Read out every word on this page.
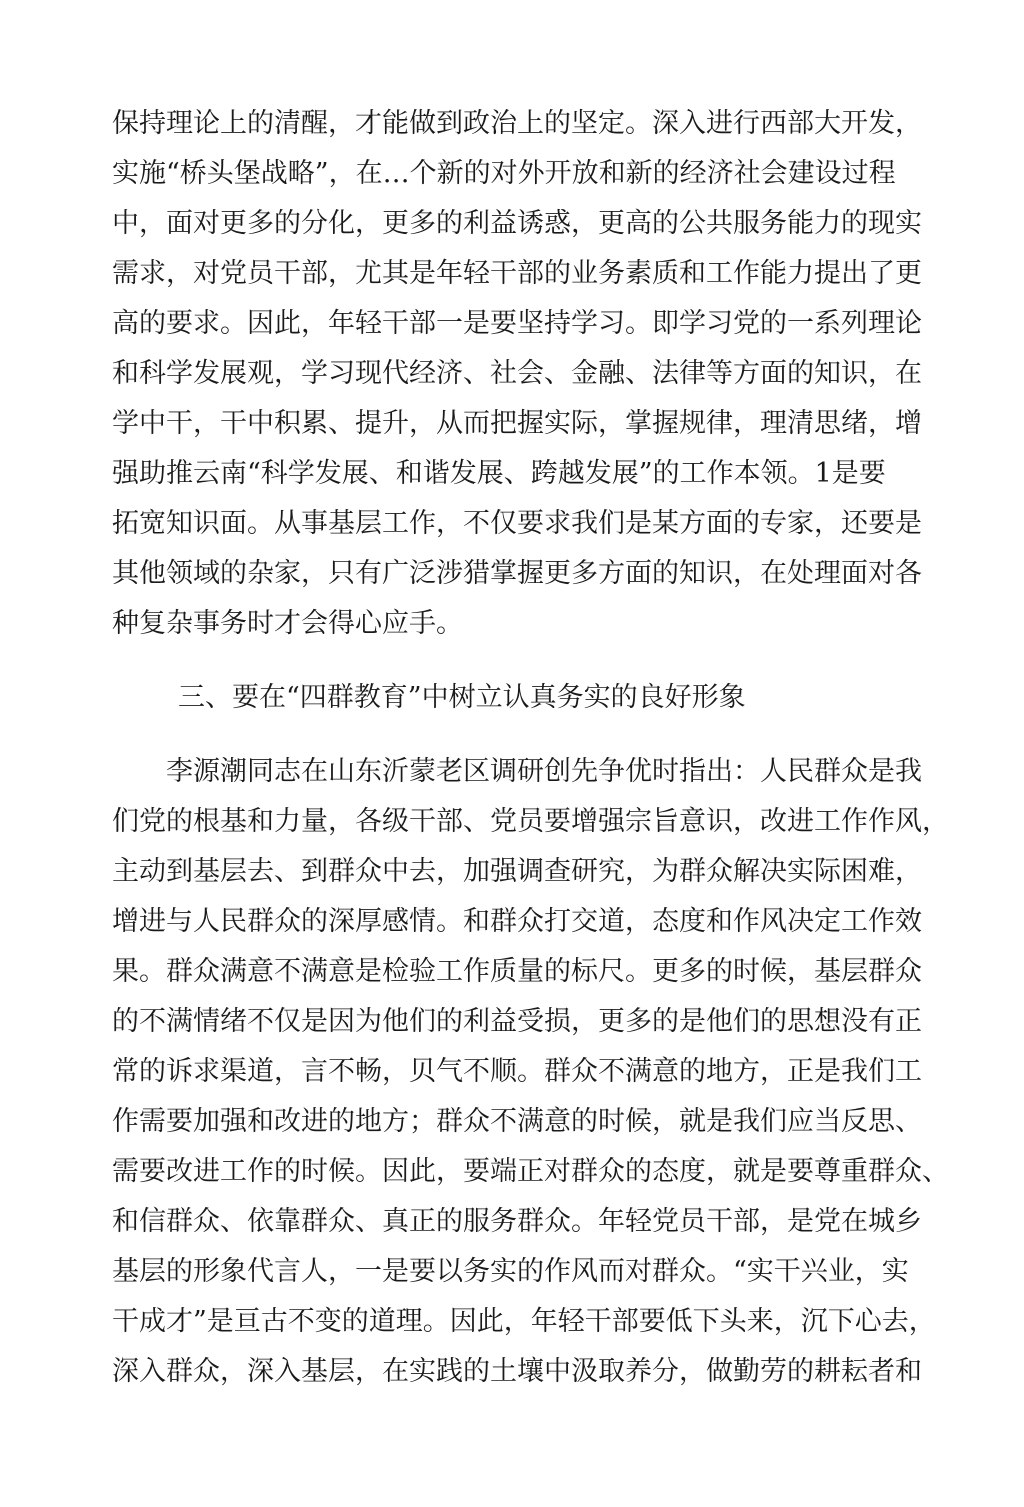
保持理论上的清醒，才能做到政治上的坚定。深入进行西部大开发，

实施“桥头堡战略”，在…个新的对外开放和新的经济社会建设过程

中，面对更多的分化，更多的利益诱惑，更高的公共服务能力的现实

需求，对党员干部，尤其是年轻干部的业务素质和工作能力提出了更

高的要求。因此，年轻干部一是要坚持学习。即学习党的一系列理论

和科学发展观，学习现代经济、社会、金融、法律等方面的知识，在

学中干，干中积累、提升，从而把握实际，掌握规律，理清思绪，增

强助推云南“科学发展、和谐发展、跨越发展”的工作本领。1是要

拓宽知识面。从事基层工作，不仅要求我们是某方面的专家，还要是

其他领域的杂家，只有广泛涉猎掌握更多方面的知识，在处理面对各

种复杂事务时才会得心应手。

三、要在“四群教育”中树立认真务实的良好形象

李源潮同志在山东沂蒙老区调研创先争优时指出：人民群众是我

们党的根基和力量，各级干部、党员要增强宗旨意识，改进工作作风，

主动到基层去、到群众中去，加强调查研究，为群众解决实际困难，

增进与人民群众的深厚感情。和群众打交道，态度和作风决定工作效

果。群众满意不满意是检验工作质量的标尺。更多的时候，基层群众

的不满情绪不仅是因为他们的利益受损，更多的是他们的思想没有正

常的诉求渠道，言不畅，贝气不顺。群众不满意的地方，正是我们工

作需要加强和改进的地方；群众不满意的时候，就是我们应当反思、

需要改进工作的时候。因此，要端正对群众的态度，就是要尊重群众、

和信群众、依靠群众、真正的服务群众。年轻党员干部，是党在城乡

基层的形象代言人，一是要以务实的作风而对群众。“实干兴业，实

干成才”是亘古不变的道理。因此，年轻干部要低下头来，沉下心去，

深入群众，深入基层，在实践的土壤中汲取养分，做勤劳的耕耘者和
